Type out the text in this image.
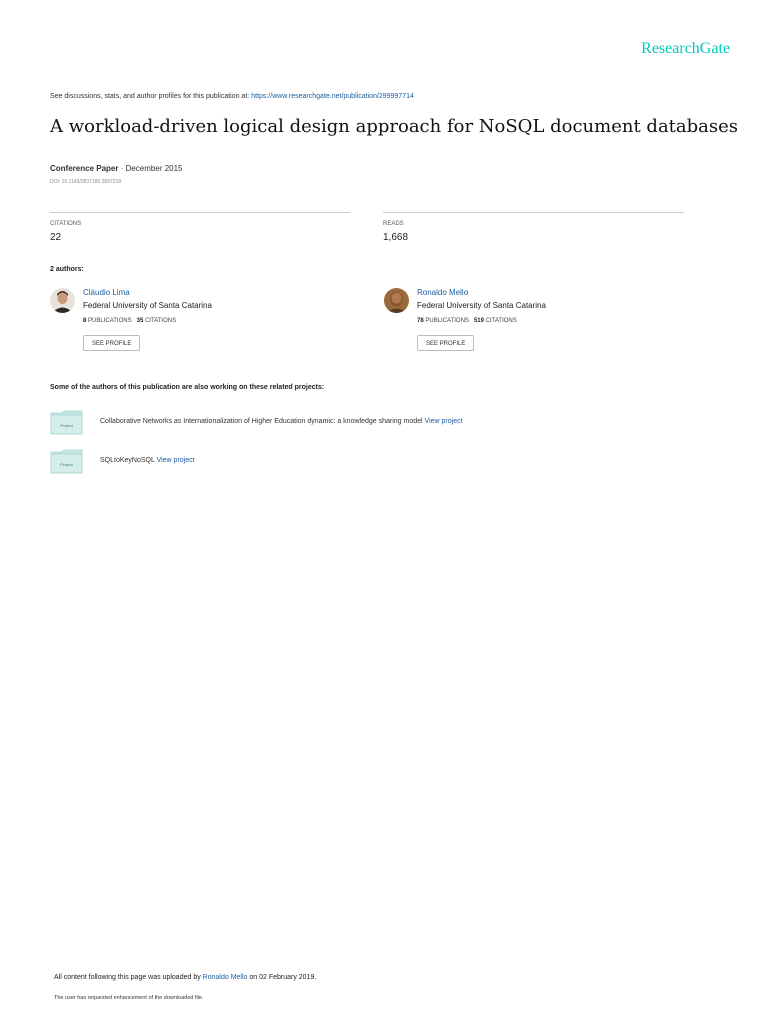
ResearchGate
See discussions, stats, and author profiles for this publication at: https://www.researchgate.net/publication/299997714
A workload-driven logical design approach for NoSQL document databases
Conference Paper · December 2015
DOI: 10.1145/2837185.2837218
CITATIONS
22
READS
1,668
2 authors:
Cláudio Lima
Federal University of Santa Catarina
8 PUBLICATIONS 35 CITATIONS
SEE PROFILE
Ronaldo Mello
Federal University of Santa Catarina
78 PUBLICATIONS 519 CITATIONS
SEE PROFILE
Some of the authors of this publication are also working on these related projects:
Project
Collaborative Networks as Internationalization of Higher Education dynamic: a knowledge sharing model View project
Project
SQLtoKeyNoSQL View project
All content following this page was uploaded by Ronaldo Mello on 02 February 2019.
The user has requested enhancement of the downloaded file.
